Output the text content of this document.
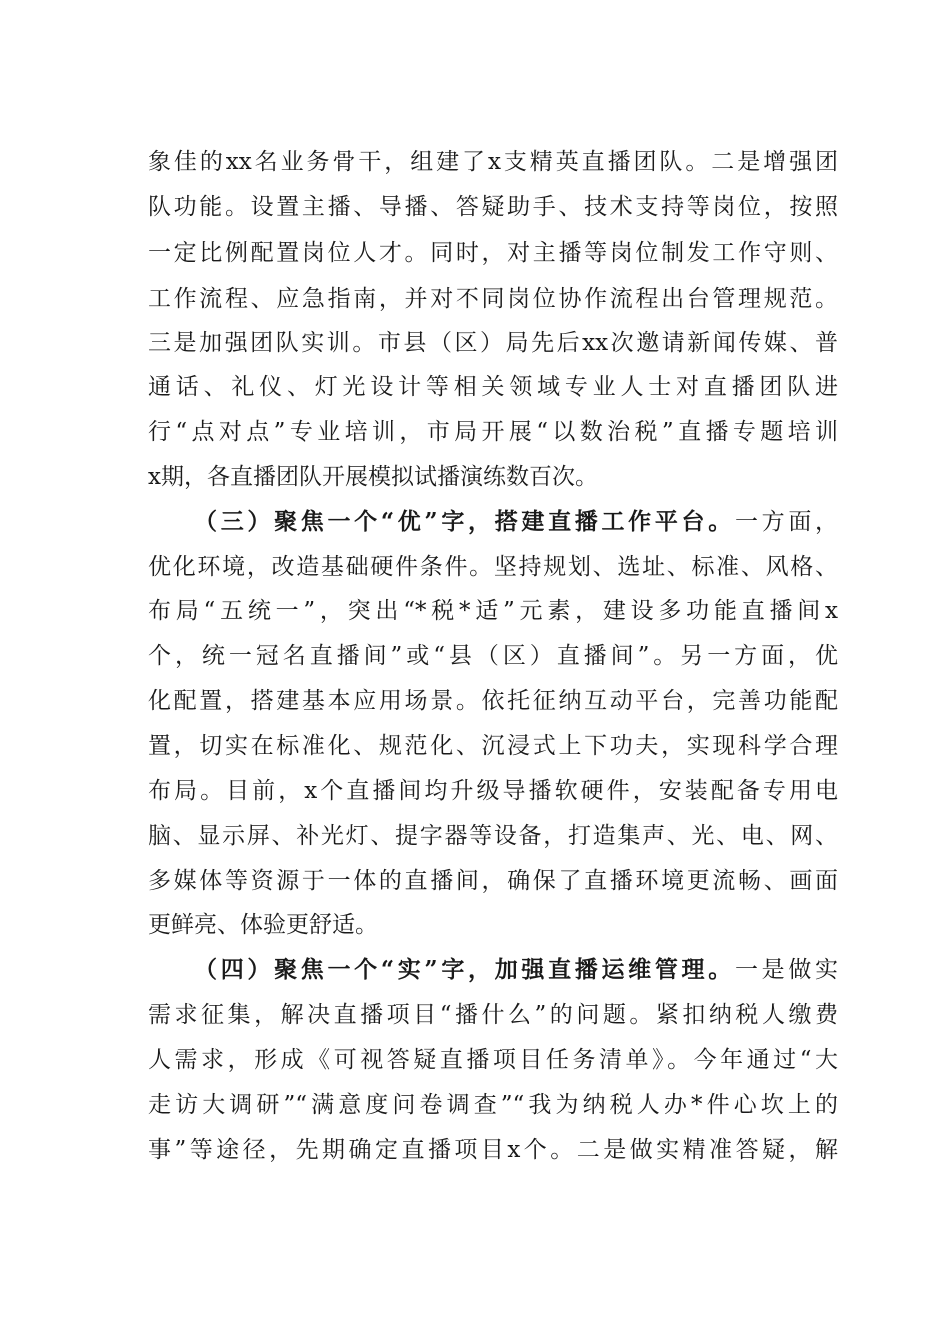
象佳的xx名业务骨干，组建了x支精英直播团队。二是增强团
队功能。设置主播、导播、答疑助手、技术支持等岗位，按照
一定比例配置岗位人才。同时，对主播等岗位制发工作守则、
工作流程、应急指南，并对不同岗位协作流程出台管理规范。
三是加强团队实训。市县（区）局先后xx次邀请新闻传媒、普
通话、礼仪、灯光设计等相关领域专业人士对直播团队进
行“点对点”专业培训，市局开展“以数治税”直播专题培训
x期，各直播团队开展模拟试播演练数百次。
（三）聚焦一个“优”字，搭建直播工作平台。一方面，
优化环境，改造基础硬件条件。坚持规划、选址、标准、风格、
布局“五统一”，突出“*税*适”元素，建设多功能直播间x
个，统一冠名直播间”或“县（区）直播间”。另一方面，优
化配置，搭建基本应用场景。依托征纳互动平台，完善功能配
置，切实在标准化、规范化、沉浸式上下功夫，实现科学合理
布局。目前，x个直播间均升级导播软硬件，安装配备专用电
脑、显示屏、补光灯、提字器等设备，打造集声、光、电、网、
多媒体等资源于一体的直播间，确保了直播环境更流畅、画面
更鲜亮、体验更舒适。
（四）聚焦一个“实”字，加强直播运维管理。一是做实
需求征集，解决直播项目“播什么”的问题。紧扣纳税人缴费
人需求，形成《可视答疑直播项目任务清单》。今年通过“大
走访大调研”“满意度问卷调查”“我为纳税人办*件心坎上的
事”等途径，先期确定直播项目x个。二是做实精准答疑，解
